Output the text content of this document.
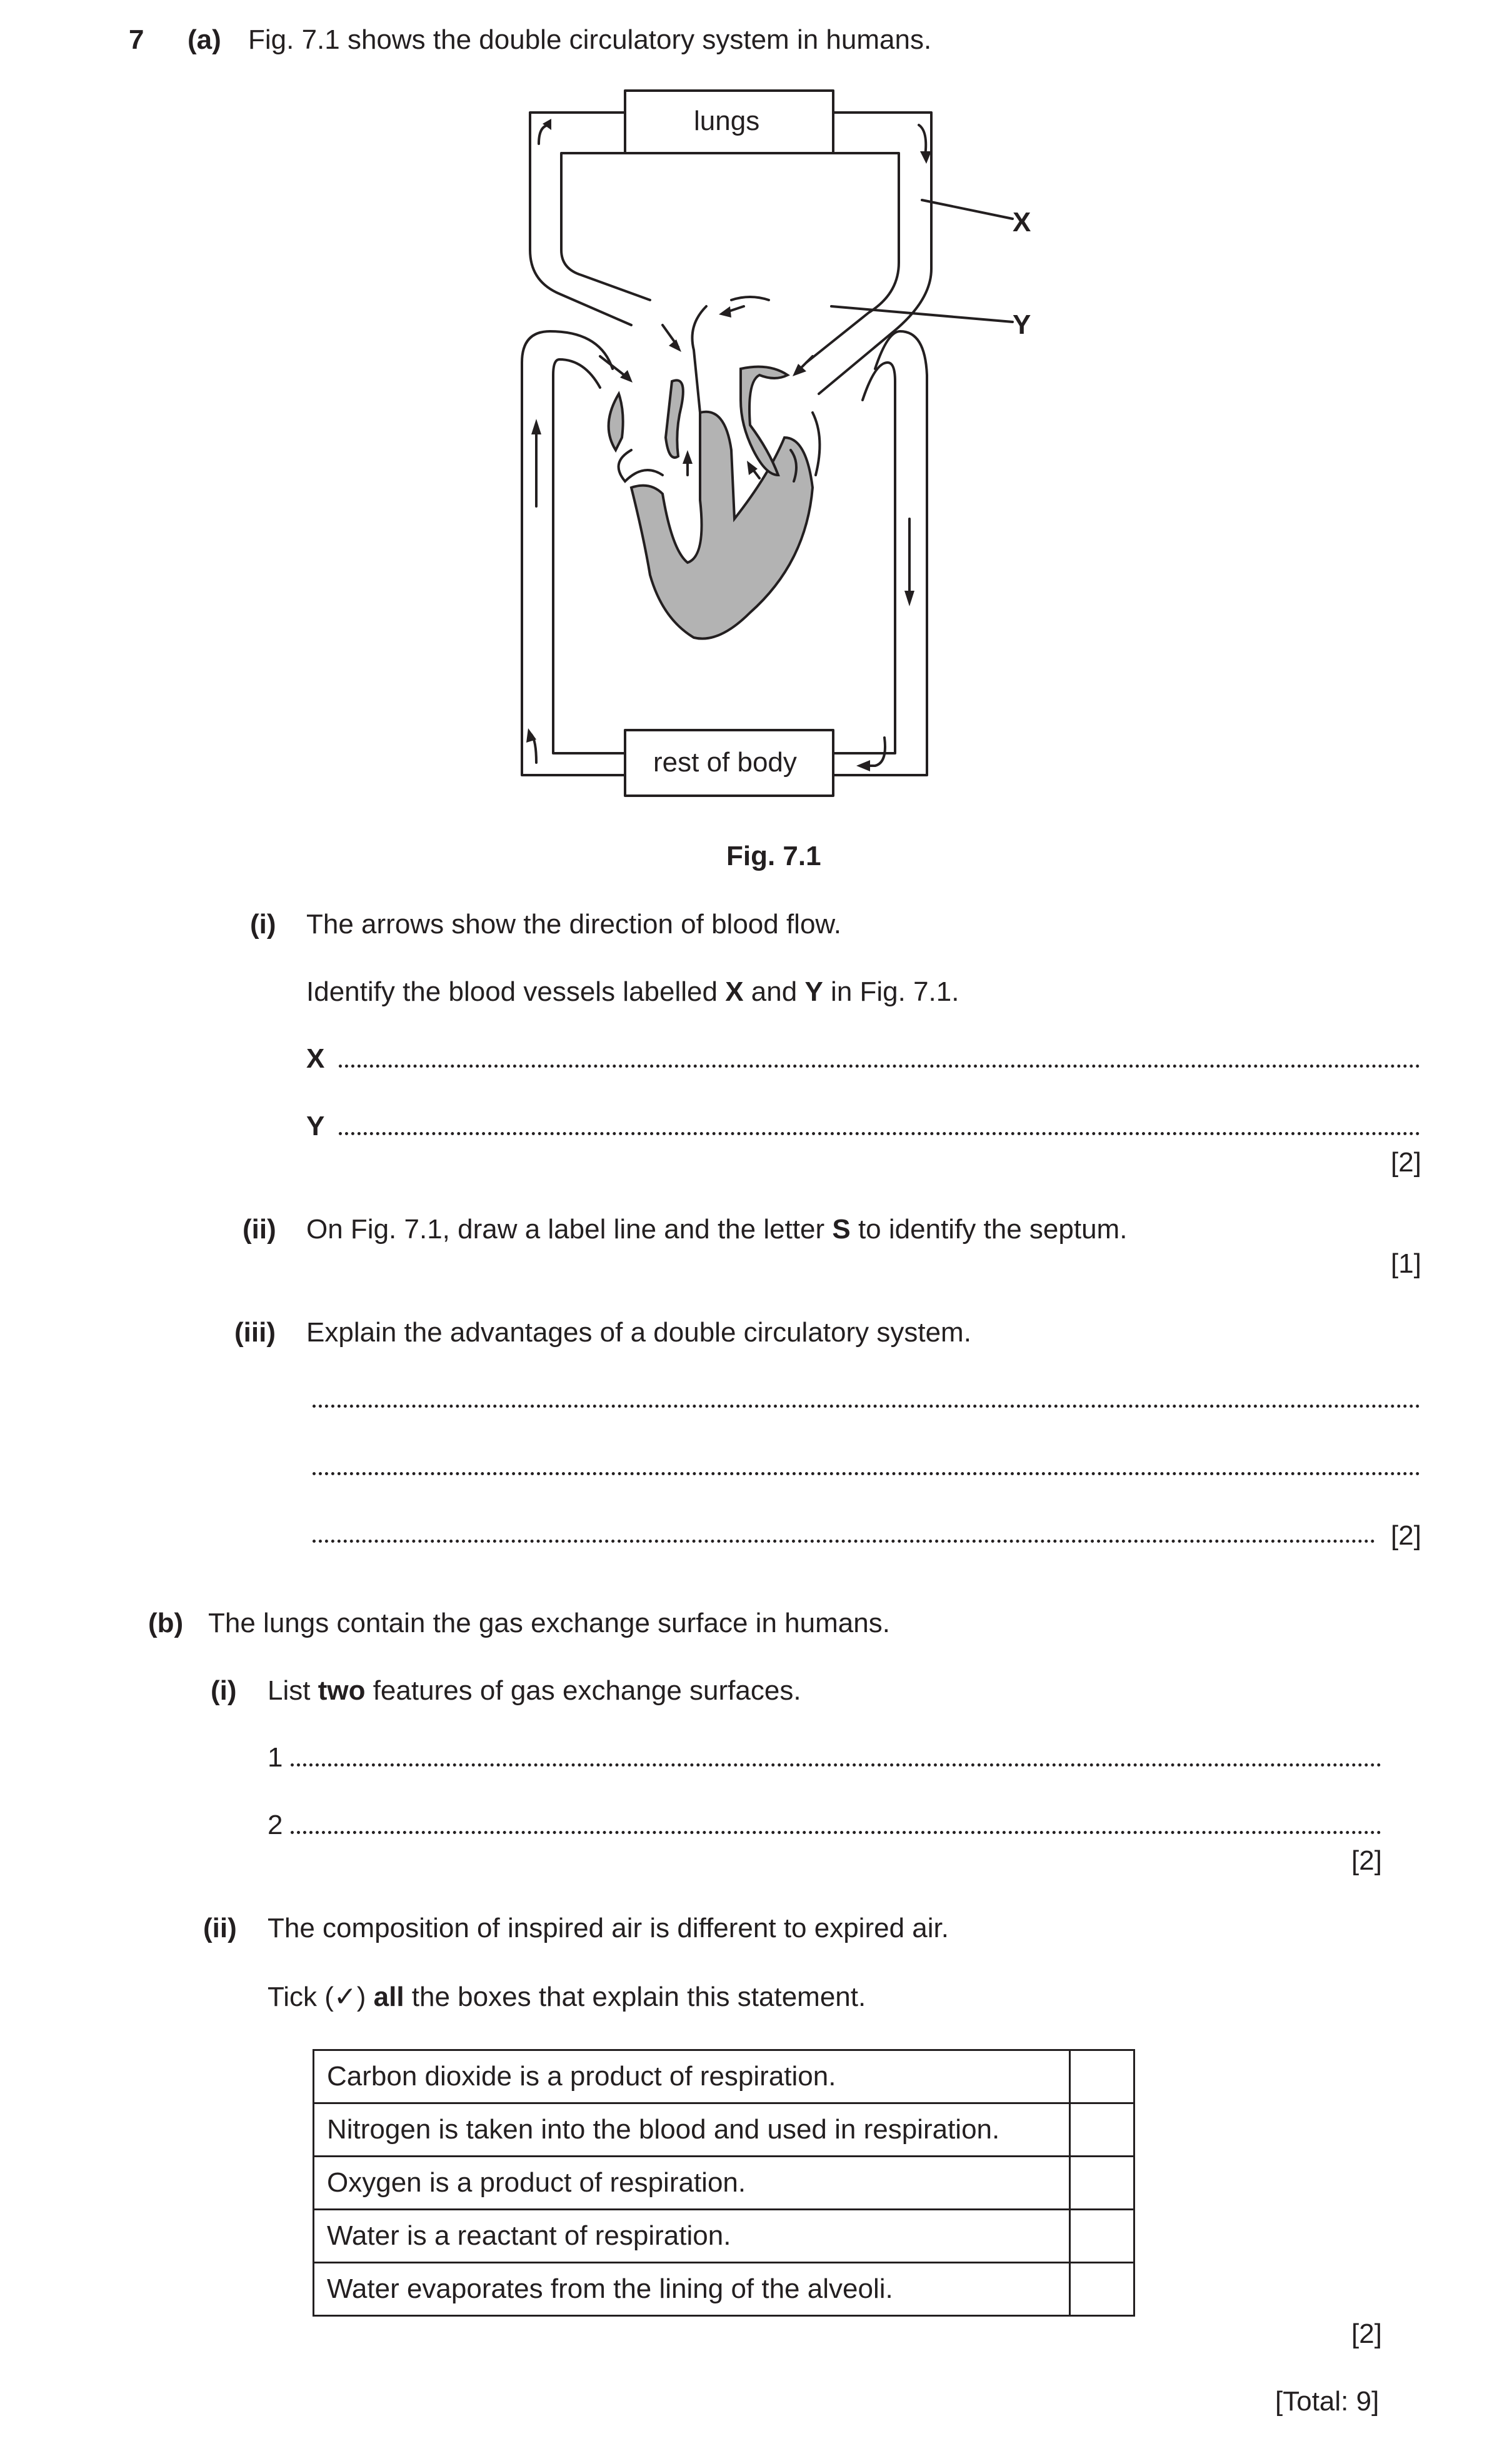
7 (a) Fig. 7.1 shows the double circulatory system in humans.
lungs
rest of body
X
Y
Fig. 7.1
(i) The arrows show the direction of blood flow.
Identify the blood vessels labelled X and Y in Fig. 7.1.
X
Y
[2]
(ii) On Fig. 7.1, draw a label line and the letter S to identify the septum.
[1]
(iii) Explain the advantages of a double circulatory system.
[2]
(b) The lungs contain the gas exchange surface in humans.
(i) List two features of gas exchange surfaces.
1
2
[2]
(ii) The composition of inspired air is different to expired air.
Tick (✓) all the boxes that explain this statement.
Carbon dioxide is a product of respiration.	
Nitrogen is taken into the blood and used in respiration.	
Oxygen is a product of respiration.	
Water is a reactant of respiration.	
Water evaporates from the lining of the alveoli.	
[2]
[Total: 9]
